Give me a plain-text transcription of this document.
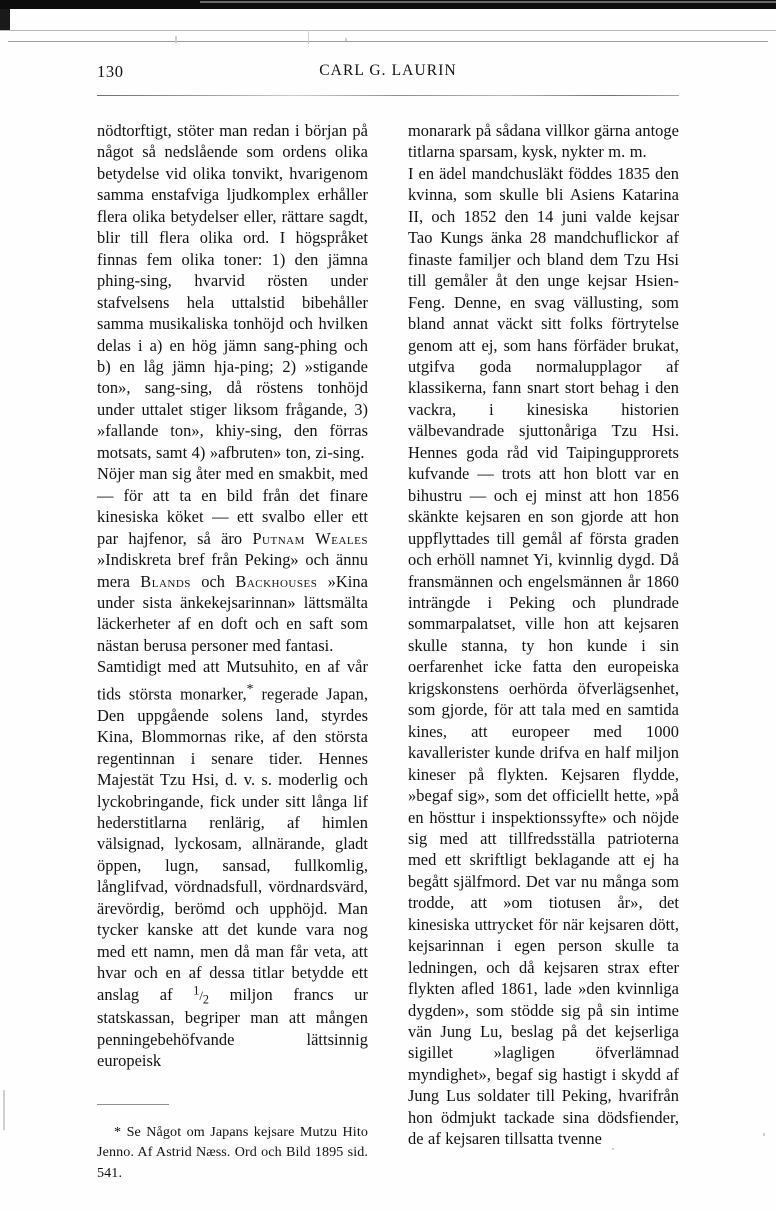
130	CARL G. LAURIN

nödtorftigt, stöter man redan i början på något så nedslående som ordens olika betydelse vid olika tonvikt, hvarigenom samma enstafviga ljudkomplex erhåller flera olika betydelser eller, rättare sagdt, blir till flera olika ord. I högspråket finnas fem olika toner: 1) den jämna phing-sing, hvarvid rösten under stafvelsens hela uttalstid bibehåller samma musikaliska tonhöjd och hvilken delas i a) en hög jämn sang-phing och b) en låg jämn hja-ping; 2) »stigande ton», sang-sing, då röstens tonhöjd under uttalet stiger liksom frågande, 3) »fallande ton», khiy-sing, den förras motsats, samt 4) »afbruten» ton, zi-sing.

Nöjer man sig åter med en smakbit, med — för att ta en bild från det finare kinesiska köket — ett svalbo eller ett par hajfenor, så äro Putnam Weales »Indiskreta bref från Peking» och ännu mera Blands och Backhouses »Kina under sista änkekejsarinnan» lättsmälta läckerheter af en doft och en saft som nästan berusa personer med fantasi.

Samtidigt med att Mutsuhito, en af vår tids största monarker,* regerade Japan, Den uppgående solens land, styrdes Kina, Blommornas rike, af den största regentinnan i senare tider. Hennes Majestät Tzu Hsi, d. v. s. moderlig och lyckobringande, fick under sitt långa lif hederstitlarna renlärig, af himlen välsignad, lyckosam, allnärande, gladt öppen, lugn, sansad, fullkomlig, långlifvad, vördnadsfull, vördnardsvärd, ärevördig, berömd och upphöjd. Man tycker kanske att det kunde vara nog med ett namn, men då man får veta, att hvar och en af dessa titlar betydde ett anslag af $^1/_2$ miljon francs ur statskassan, begriper man att mången penningebehöfvande lättsinnig europeisk

* Se Något om Japans kejsare Mutzu Hito Jenno. Af Astrid Næss. Ord och Bild 1895 sid. 541.

monarark på sådana villkor gärna antoge titlarna sparsam, kysk, nykter m. m.

I en ädel mandchusläkt föddes 1835 den kvinna, som skulle bli Asiens Katarina II, och 1852 den 14 juni valde kejsar Tao Kungs änka 28 mandchuflickor af finaste familjer och bland dem Tzu Hsi till gemåler åt den unge kejsar Hsien-Feng. Denne, en svag vällusting, som bland annat väckt sitt folks förtrytelse genom att ej, som hans förfäder brukat, utgifva goda normalupplagor af klassikerna, fann snart stort behag i den vackra, i kinesiska historien välbevandrade sjuttonåriga Tzu Hsi. Hennes goda råd vid Taipingupprorets kufvande — trots att hon blott var en bihustru — och ej minst att hon 1856 skänkte kejsaren en son gjorde att hon uppflyttades till gemål af första graden och erhöll namnet Yi, kvinnlig dygd. Då fransmännen och engelsmännen år 1860 inträngde i Peking och plundrade sommarpalatset, ville hon att kejsaren skulle stanna, ty hon kunde i sin oerfarenhet icke fatta den europeiska krigskonstens oerhörda öfverlägsenhet, som gjorde, för att tala med en samtida kines, att europeer med 1000 kavallerister kunde drifva en half miljon kineser på flykten. Kejsaren flydde, »begaf sig», som det officiellt hette, »på en hösttur i inspektionssyfte» och nöjde sig med att tillfredsställa patrioterna med ett skriftligt beklagande att ej ha begått själfmord. Det var nu många som trodde, att »om tiotusen år», det kinesiska uttrycket för när kejsaren dött, kejsarinnan i egen person skulle ta ledningen, och då kejsaren strax efter flykten afled 1861, lade »den kvinnliga dygden», som stödde sig på sin intime vän Jung Lu, beslag på det kejserliga sigillet »lagligen öfverlämnad myndighet», begaf sig hastigt i skydd af Jung Lus soldater till Peking, hvarifrån hon ödmjukt tackade sina dödsfiender, de af kejsaren tillsatta tvenne
